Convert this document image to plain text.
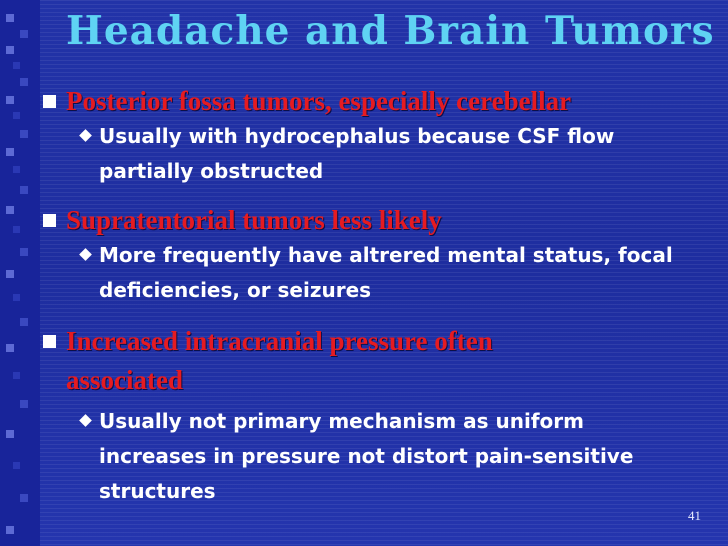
Headache and Brain Tumors
Posterior fossa tumors, especially cerebellar
Usually with hydrocephalus because CSF flow
partially obstructed
Supratentorial tumors less likely
More frequently have altrered mental status, focal
deficiencies, or seizures
Increased intracranial pressure often
associated
Usually not primary mechanism as uniform
increases in pressure not distort pain-sensitive
structures
41
